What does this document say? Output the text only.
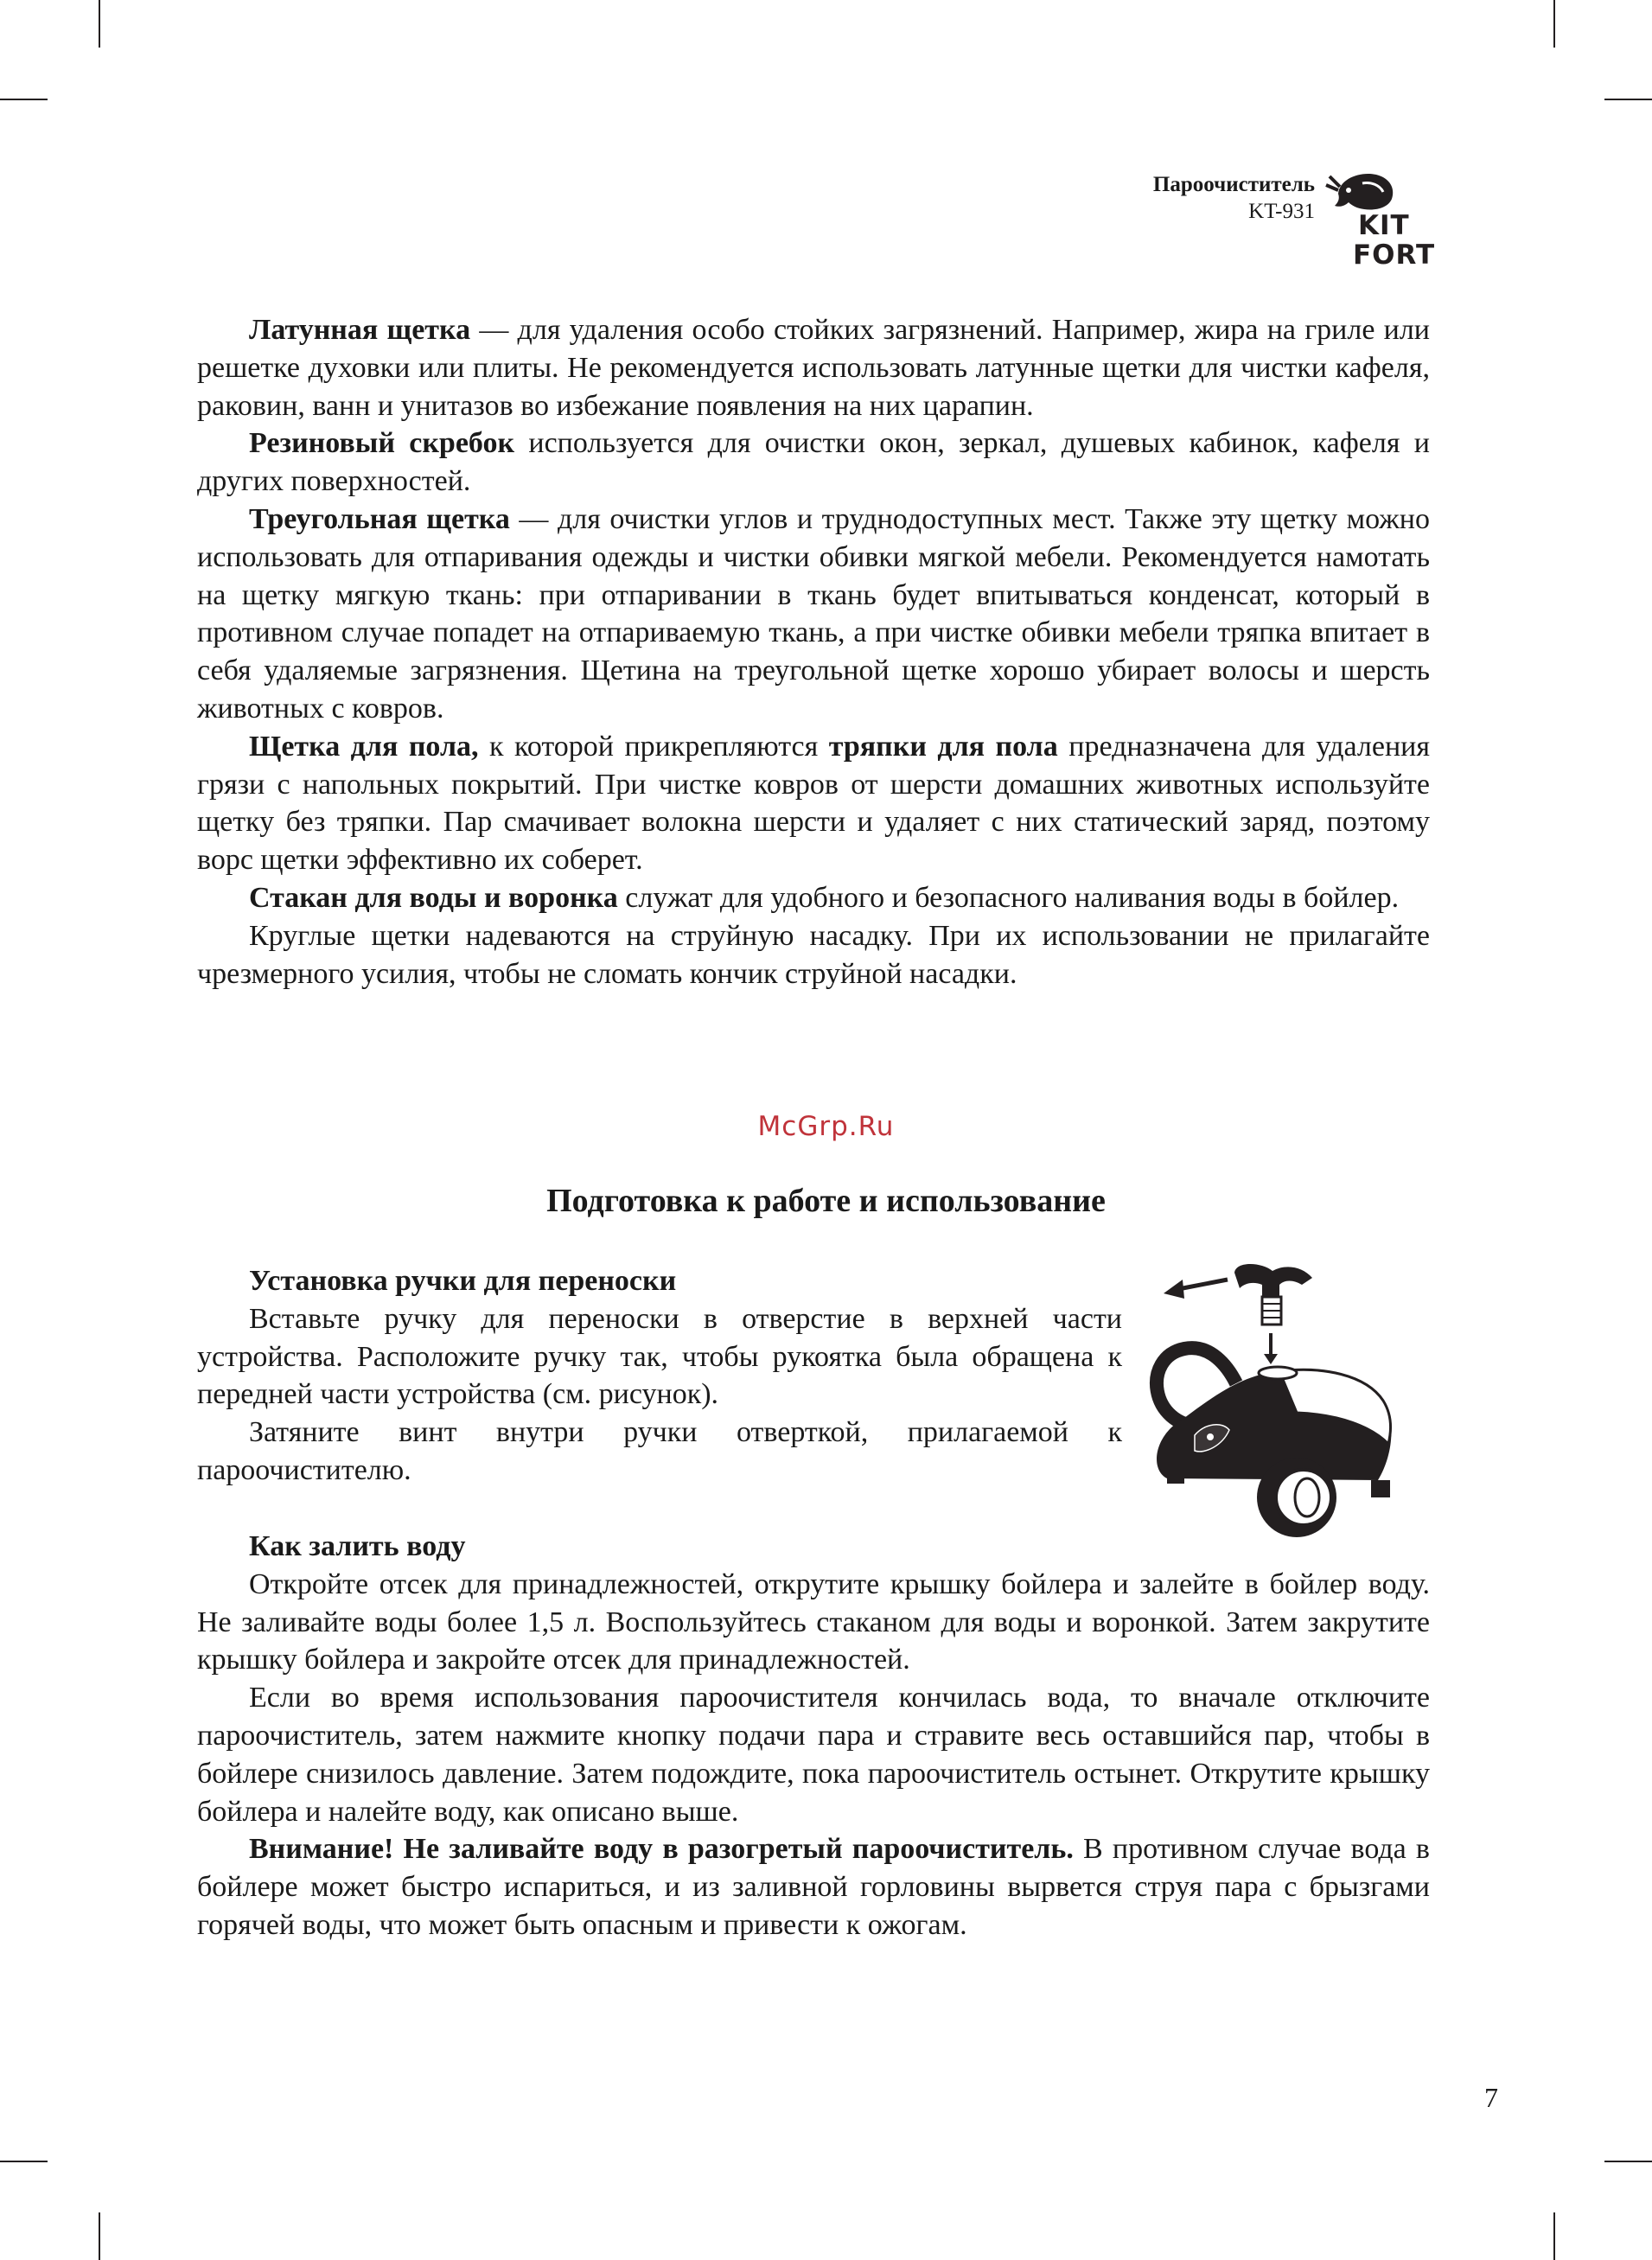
Пароочиститель
KT-931 KIT
FORT

Латунная щетка — для удаления особо стойких загрязнений. Например, жира на гриле или решетке духовки или плиты. Не рекомендуется использовать латунные щетки для чистки кафеля, раковин, ванн и унитазов во избежание появления на них царапин.

Резиновый скребок используется для очистки окон, зеркал, душевых кабинок, кафеля и других поверхностей.

Треугольная щетка — для очистки углов и труднодоступных мест. Также эту щетку можно использовать для отпаривания одежды и чистки обивки мягкой мебели. Рекомендуется намотать на щетку мягкую ткань: при отпаривании в ткань будет впитываться конденсат, который в противном случае попадет на отпариваемую ткань, а при чистке обивки мебели тряпка впитает в себя удаляемые загрязнения. Щетина на треугольной щетке хорошо убирает волосы и шерсть животных с ковров.

Щетка для пола, к которой прикрепляются тряпки для пола предназначена для удаления грязи с напольных покрытий. При чистке ковров от шерсти домашних животных используйте щетку без тряпки. Пар смачивает волокна шерсти и удаляет с них статический заряд, поэтому ворс щетки эффективно их соберет.

Стакан для воды и воронка служат для удобного и безопасного наливания воды в бойлер.

Круглые щетки надеваются на струйную насадку. При их использовании не прилагайте чрезмерного усилия, чтобы не сломать кончик струйной насадки.

McGrp.Ru
Подготовка к работе и использование
Установка ручки для переноски

Вставьте ручку для переноски в отверстие в верхней части устройства. Расположите ручку так, чтобы рукоятка была обращена к передней части устройства (см. рисунок).

Затяните винт внутри ручки отверткой, прилагаемой к пароочистителю.

Как залить воду

Откройте отсек для принадлежностей, открутите крышку бойлера и залейте в бойлер воду. Не заливайте воды более 1,5 л. Воспользуйтесь стаканом для воды и воронкой. Затем закрутите крышку бойлера и закройте отсек для принадлежностей.

Если во время использования пароочистителя кончилась вода, то вначале отключите пароочиститель, затем нажмите кнопку подачи пара и стравите весь оставшийся пар, чтобы в бойлере снизилось давление. Затем подождите, пока пароочиститель остынет. Открутите крышку бойлера и налейте воду, как описано выше.

Внимание! Не заливайте воду в разогретый пароочиститель. В противном случае вода в бойлере может быстро испариться, и из заливной горловины вырвется струя пара с брызгами горячей воды, что может быть опасным и привести к ожогам.

7
